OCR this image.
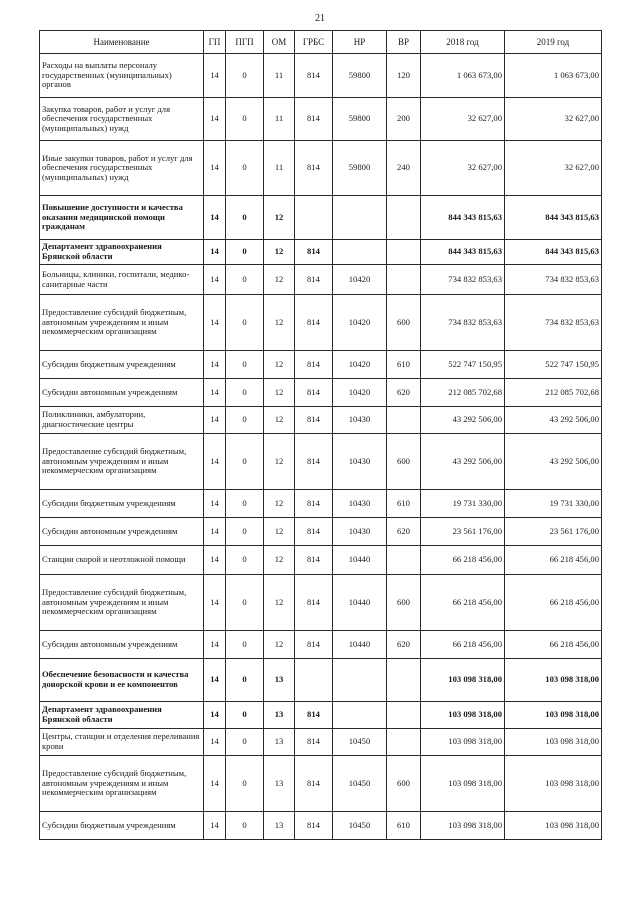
21
Наименование	ГП	ПГП	ОМ	ГРБС	НР	ВР	2018 год	2019 год
Расходы на выплаты персоналу государственных (муниципальных) органов	14	0	11	814	59800	120	1 063 673,00	1 063 673,00
Закупка товаров, работ и услуг для обеспечения государственных (муниципальных) нужд	14	0	11	814	59800	200	32 627,00	32 627,00
Иные закупки товаров, работ и услуг для обеспечения государственных (муниципальных) нужд	14	0	11	814	59800	240	32 627,00	32 627,00
Повышение доступности и качества оказания медицинской помощи гражданам	14	0	12				844 343 815,63	844 343 815,63
Департамент здравоохранения Брянской области	14	0	12	814			844 343 815,63	844 343 815,63
Больницы, клиники, госпитали, медико-санитарные части	14	0	12	814	10420		734 832 853,63	734 832 853,63
Предоставление субсидий бюджетным, автономным учреждениям и иным некоммерческим организациям	14	0	12	814	10420	600	734 832 853,63	734 832 853,63
Субсидии бюджетным учреждениям	14	0	12	814	10420	610	522 747 150,95	522 747 150,95
Субсидии автономным учреждениям	14	0	12	814	10420	620	212 085 702,68	212 085 702,68
Поликлиники, амбулатории, диагностические центры	14	0	12	814	10430		43 292 506,00	43 292 506,00
Предоставление субсидий бюджетным, автономным учреждениям и иным некоммерческим организациям	14	0	12	814	10430	600	43 292 506,00	43 292 506,00
Субсидии бюджетным учреждениям	14	0	12	814	10430	610	19 731 330,00	19 731 330,00
Субсидии автономным учреждениям	14	0	12	814	10430	620	23 561 176,00	23 561 176,00
Станции скорой и неотложной помощи	14	0	12	814	10440		66 218 456,00	66 218 456,00
Предоставление субсидий бюджетным, автономным учреждениям и иным некоммерческим организациям	14	0	12	814	10440	600	66 218 456,00	66 218 456,00
Субсидии автономным учреждениям	14	0	12	814	10440	620	66 218 456,00	66 218 456,00
Обеспечение безопасности и качества донорской крови и ее компонентов	14	0	13				103 098 318,00	103 098 318,00
Департамент здравоохранения Брянской области	14	0	13	814			103 098 318,00	103 098 318,00
Центры, станции и отделения переливания крови	14	0	13	814	10450		103 098 318,00	103 098 318,00
Предоставление субсидий бюджетным, автономным учреждениям и иным некоммерческим организациям	14	0	13	814	10450	600	103 098 318,00	103 098 318,00
Субсидии бюджетным учреждениям	14	0	13	814	10450	610	103 098 318,00	103 098 318,00
